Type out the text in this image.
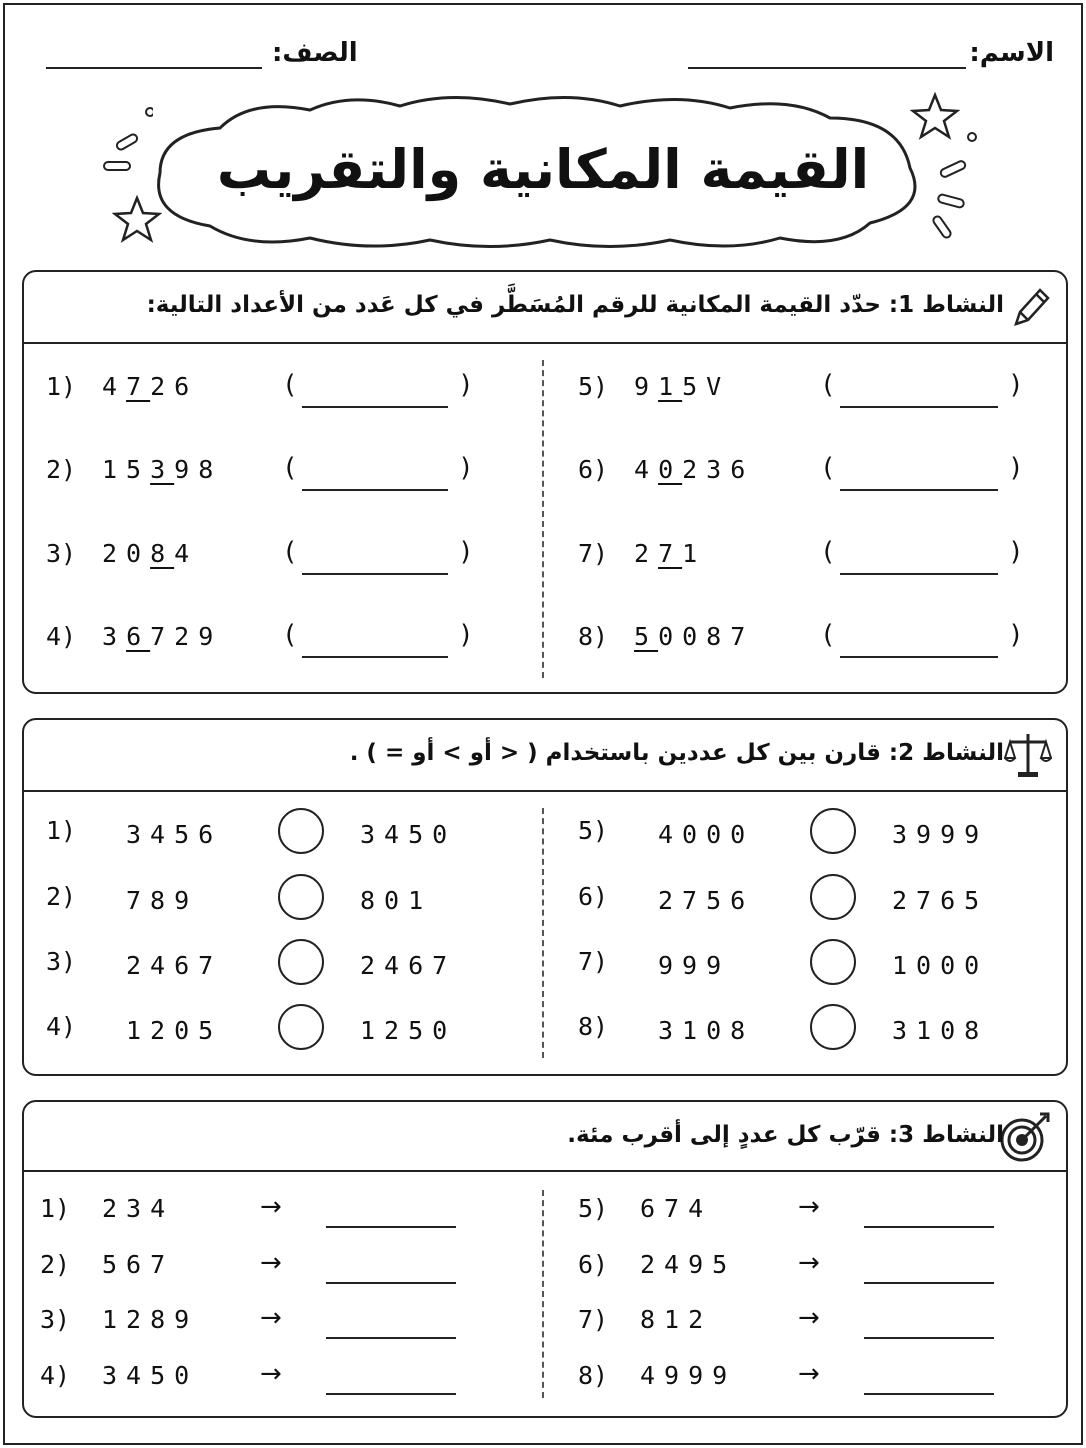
الاسم:
الصف:
القيمة المكانية والتقريب
النشاط 1: حدّد القيمة المكانية للرقم المُسَطَّر في كل عَدد من الأعداد التالية:
1) 4726	(	)
2) 15398 (	)
3) 2084	(	)
4) 36729 (	)
5) 915V	(	)
6) 40236	(	)
7) 271	(	)
8) 50087	(	)
النشاط 2: قارن بين كل عددين باستخدام ( < أو > أو = ) .
1) 3456	3450
2) 789	801
3) 2467	2467
4) 1205	1250
5) 4000	3999
6) 2756	2765
7) 999	1000
8) 3108	3108
النشاط 3: قرّب كل عددٍ إلى أقرب مئة.
1) 234	→
2) 567	→
3) 1289 →
4) 3450 →
5) 674	→
6) 2495 →
7) 812	→
8) 4999 →
